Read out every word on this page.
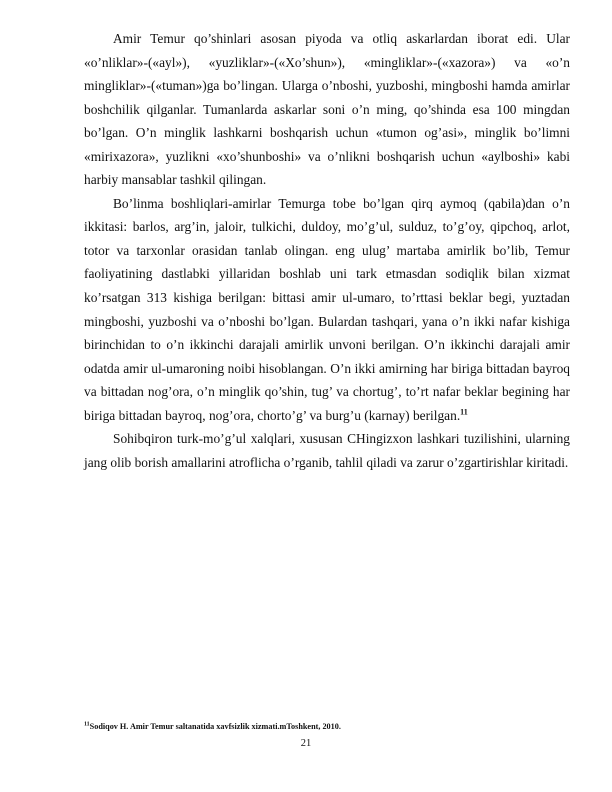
Amir Temur qo’shinlari asosan piyoda va otliq askarlardan iborat edi. Ular «o’nliklar»-(«ayl»), «yuzliklar»-(«Xo’shun»), «mingliklar»-(«xazora») va «o’n mingliklar»-(«tuman»)ga bo’lingan. Ularga o’nboshi, yuzboshi, mingboshi hamda amirlar boshchilik qilganlar. Tumanlarda askarlar soni o’n ming, qo’shinda esa 100 mingdan bo’lgan. O’n minglik lashkarni boshqarish uchun «tumon og’asi», minglik bo’limni «mirixazora», yuzlikni «xo’shunboshi» va o’nlikni boshqarish uchun «aylboshi» kabi harbiy mansablar tashkil qilingan.

Bo’linma boshliqlari-amirlar Temurga tobe bo’lgan qirq aymoq (qabila)dan o’n ikkitasi: barlos, arg’in, jaloir, tulkichi, duldoy, mo’g’ul, sulduz, to’g’oy, qipchoq, arlot, totor va tarxonlar orasidan tanlab olingan. eng ulug’ martaba amirlik bo’lib, Temur faoliyatining dastlabki yillaridan boshlab uni tark etmasdan sodiqlik bilan xizmat ko’rsatgan 313 kishiga berilgan: bittasi amir ul-umaro, to’rttasi beklar begi, yuztadan mingboshi, yuzboshi va o’nboshi bo’lgan. Bulardan tashqari, yana o’n ikki nafar kishiga birinchidan to o’n ikkinchi darajali amirlik unvoni berilgan. O’n ikkinchi darajali amir odatda amir ul-umaroning noibi hisoblangan. O’n ikki amirning har biriga bittadan bayroq va bittadan nog’ora, o’n minglik qo’shin, tug’ va chortug’, to’rt nafar beklar begining har biriga bittadan bayroq, nog’ora, chorto’g’ va burg’u (karnay) berilgan.$^{11}$

Sohibqiron turk-mo’g’ul xalqlari, xususan CHingizxon lashkari tuzilishini, ularning jang olib borish amallarini atroflicha o’rganib, tahlil qiladi va zarur o’zgartirishlar kiritadi.

$^{11}$Sodiqov H. Amir Temur saltanatida xavfsizlik xizmati.mToshkent, 2010.
21
